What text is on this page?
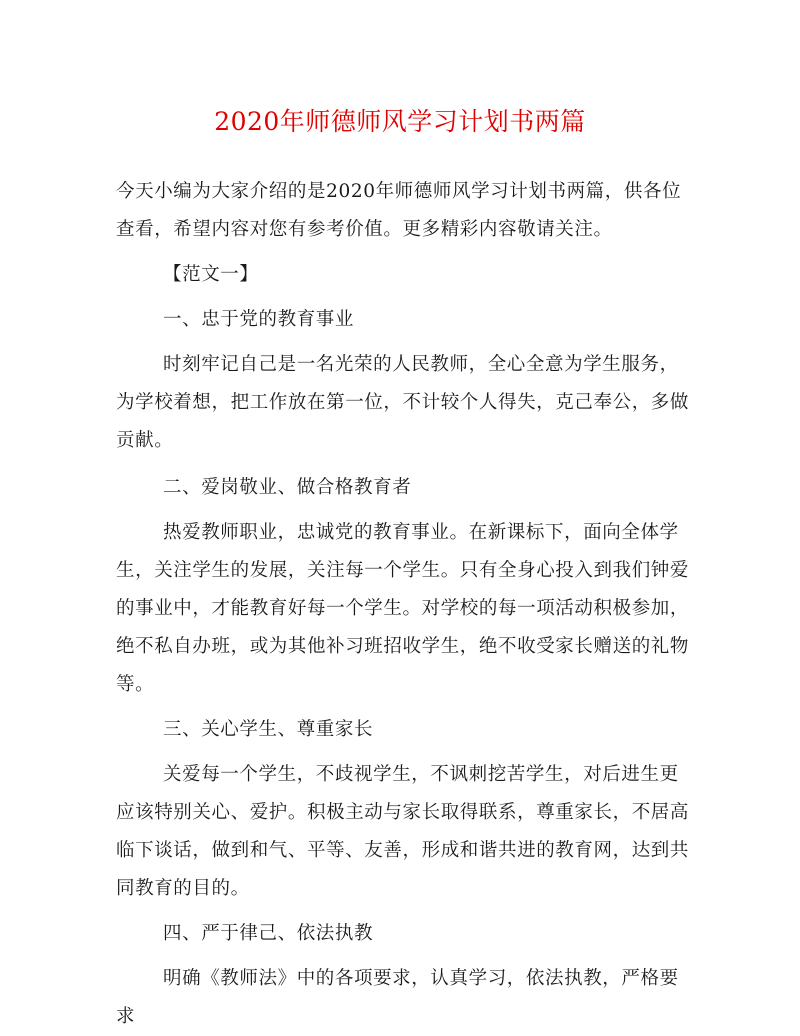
2020年师德师风学习计划书两篇

今天小编为大家介绍的是2020年师德师风学习计划书两篇，供各位查看，希望内容对您有参考价值。更多精彩内容敬请关注。

【范文一】

一、忠于党的教育事业

时刻牢记自己是一名光荣的人民教师，全心全意为学生服务，为学校着想，把工作放在第一位，不计较个人得失，克己奉公，多做贡献。

二、爱岗敬业、做合格教育者

热爱教师职业，忠诚党的教育事业。在新课标下，面向全体学生，关注学生的发展，关注每一个学生。只有全身心投入到我们钟爱的事业中，才能教育好每一个学生。对学校的每一项活动积极参加，绝不私自办班，或为其他补习班招收学生，绝不收受家长赠送的礼物等。

三、关心学生、尊重家长

关爱每一个学生，不歧视学生，不讽刺挖苦学生，对后进生更应该特别关心、爱护。积极主动与家长取得联系，尊重家长，不居高临下谈话，做到和气、平等、友善，形成和谐共进的教育网，达到共同教育的目的。

四、严于律己、依法执教

明确《教师法》中的各项要求，认真学习，依法执教，严格要求
